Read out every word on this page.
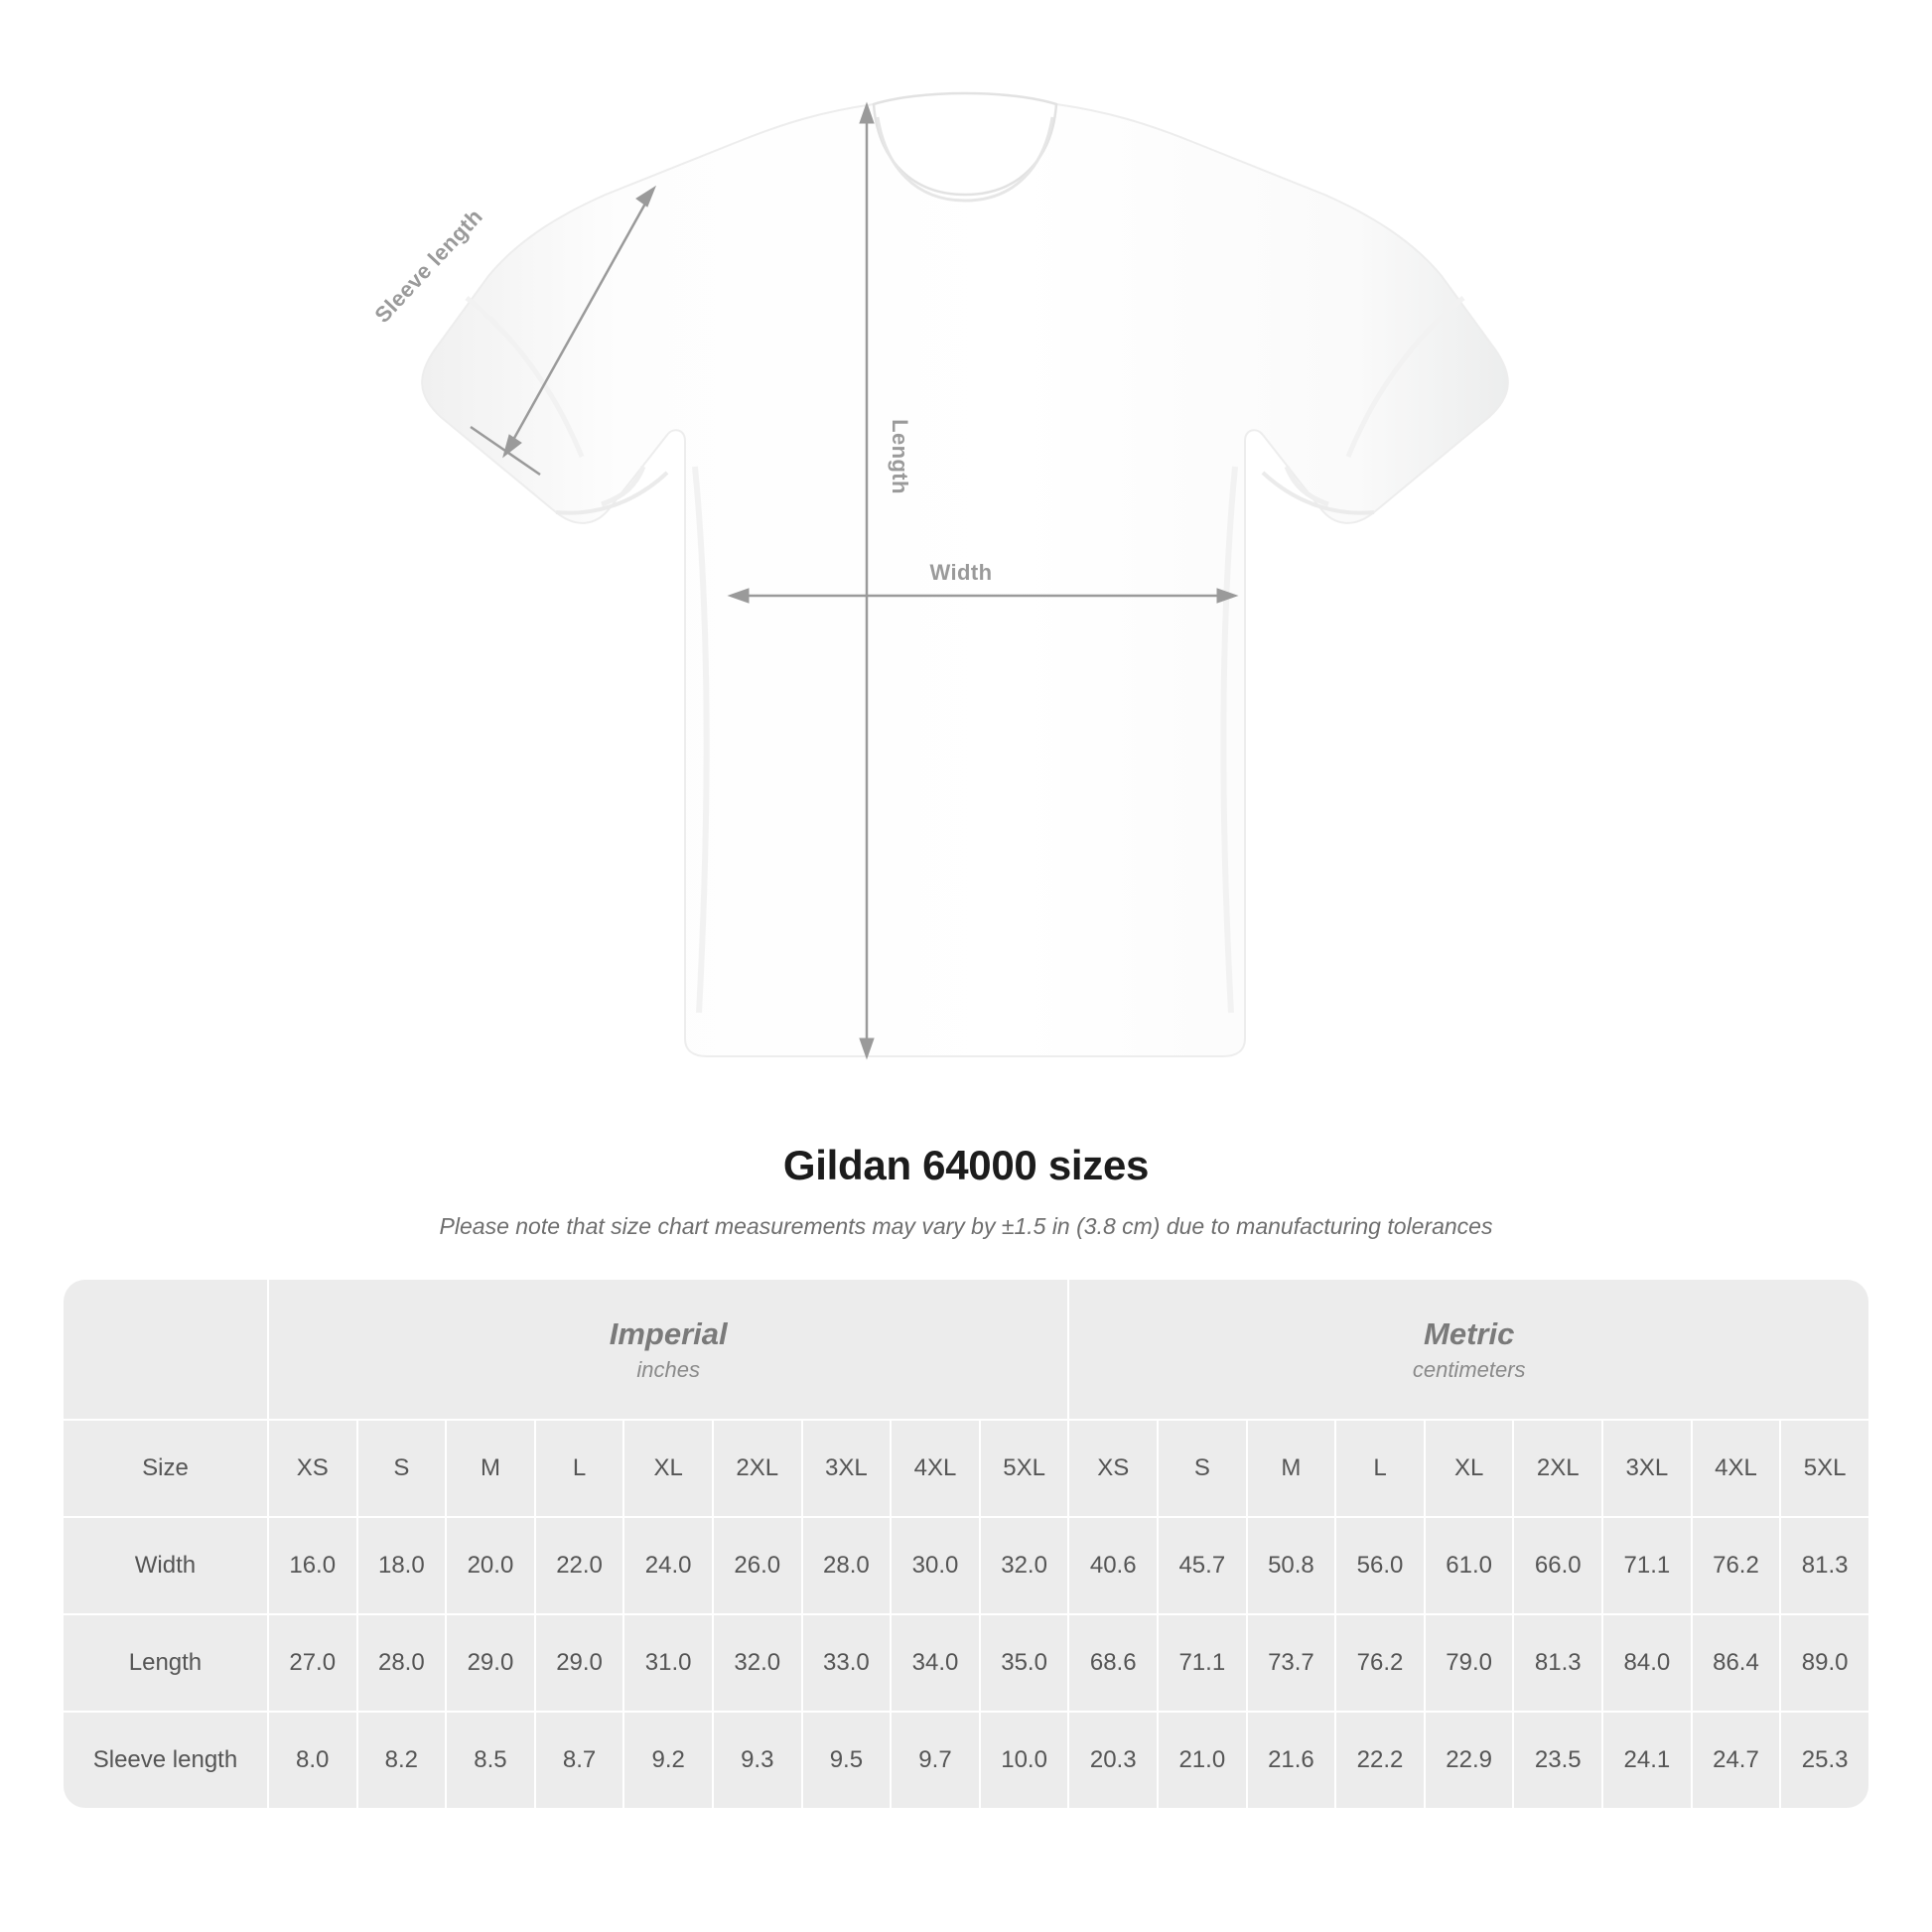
Sleeve length
Length
Width
Gildan 64000 sizes
Please note that size chart measurements may vary by ±1.5 in (3.8 cm) due to manufacturing tolerances

Imperial
inches

Metric
centimeters

Size	XS	S	M	L	XL	2XL	3XL	4XL	5XL	XS	S	M	L	XL	2XL	3XL	4XL	5XL
Width	16.0	18.0	20.0	22.0	24.0	26.0	28.0	30.0	32.0	40.6	45.7	50.8	56.0	61.0	66.0	71.1	76.2	81.3
Length	27.0	28.0	29.0	29.0	31.0	32.0	33.0	34.0	35.0	68.6	71.1	73.7	76.2	79.0	81.3	84.0	86.4	89.0
Sleeve length	8.0	8.2	8.5	8.7	9.2	9.3	9.5	9.7	10.0	20.3	21.0	21.6	22.2	22.9	23.5	24.1	24.7	25.3
